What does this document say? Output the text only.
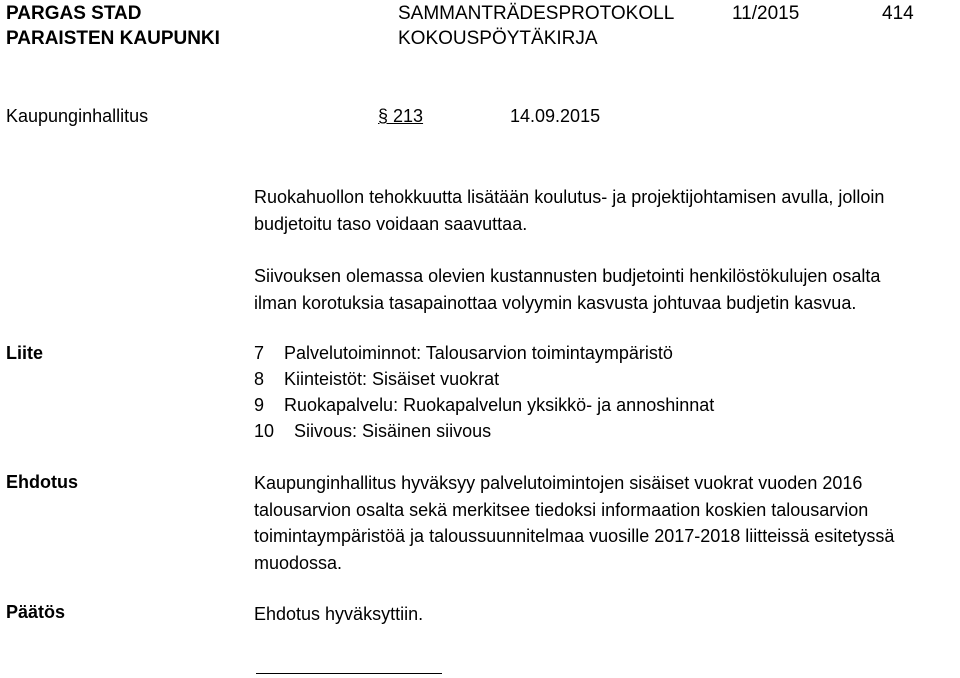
PARGAS STAD
PARAISTEN KAUPUNKI
SAMMANTRÄDESPROTOKOLL
KOKOUSPÖYTÄKIRJA
11/2015	414
Kaupunginhallitus	§ 213	14.09.2015
Ruokahuollon tehokkuutta lisätään koulutus- ja projektijohtamisen avulla, jolloin
budjetoitu taso voidaan saavuttaa.
Siivouksen olemassa olevien kustannusten budjetointi henkilöstökulujen osalta
ilman korotuksia tasapainottaa volyymin kasvusta johtuvaa budjetin kasvua.
Liite	7 Palvelutoiminnot: Talousarvion toimintaympäristö
8 Kiinteistöt: Sisäiset vuokrat
9 Ruokapalvelu: Ruokapalvelun yksikkö- ja annoshinnat
10 Siivous: Sisäinen siivous
Ehdotus	Kaupunginhallitus hyväksyy palvelutoimintojen sisäiset vuokrat vuoden 2016
talousarvion osalta sekä merkitsee tiedoksi informaation koskien talousarvion
toimintaympäristöä ja taloussuunnitelmaa vuosille 2017-2018 liitteissä esitetyssä
muodossa.
Päätös	Ehdotus hyväksyttiin.
